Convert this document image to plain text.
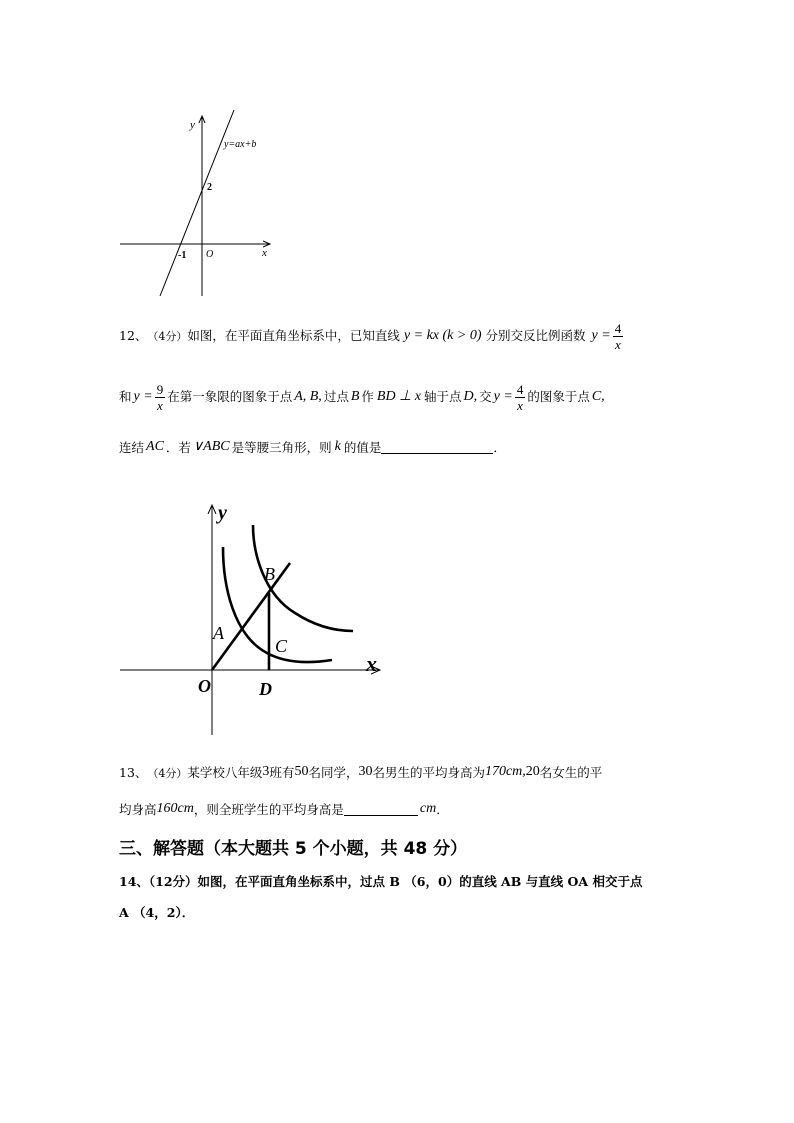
y
x
y=ax+b
2
-1 O
12、 （4分） 如图，在平面直角坐标系中，已知直线 y = kx (k > 0) 分别交反比例函数 $y = \frac{4}{x}$
和 $y = \frac{9}{x}$ 在第一象限的图象于点 A, B, 过点 B 作 BD ⊥ x 轴于点 D, 交 $y = \frac{4}{x}$ 的图象于点 C,
连结 AC ．若 ∨ABC 是等腰三角形，则 k 的值是	．
y
x
A
B
C
D
O
13、 （4分） 某学校八年级 3 班有 50 名同学， 30 名男生的平均身高为 170cm, 20 名女生的平
均身高 160cm ，则全班学生的平均身高是	cm ．
三、解答题（本大题共 5 个小题，共 48 分）
14、（12分）如图，在平面直角坐标系中，过点 B （6，0）的直线 AB 与直线 OA 相交于点
A （4，2）．
